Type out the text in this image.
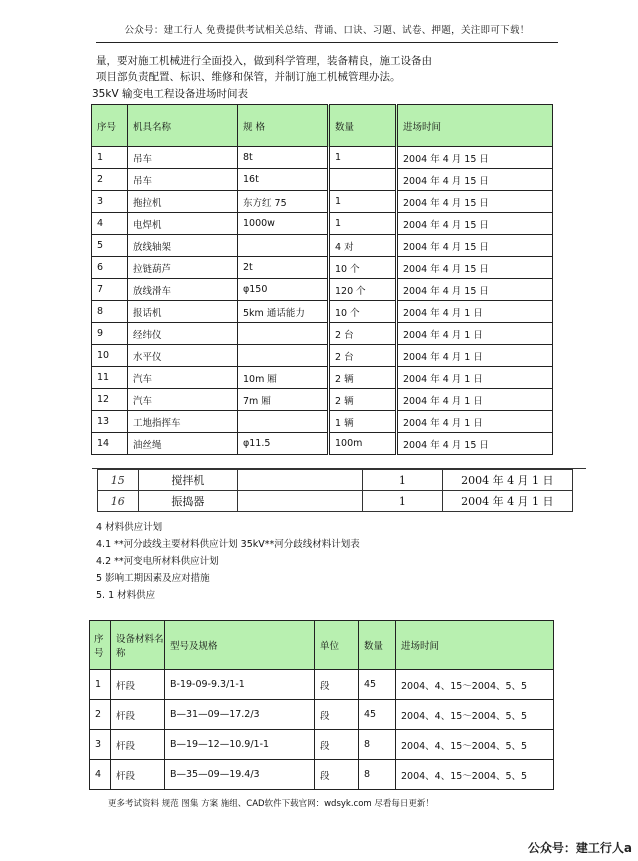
公众号：建工行人 免费提供考试相关总结、背诵、口诀、习题、试卷、押题，关注即可下载！
量，要对施工机械进行全面投入，做到科学管理，装备精良，施工设备由
项目部负责配置、标识、维修和保管，并制订施工机械管理办法。
35kV 输变电工程设备进场时间表
序号	机具名称	规 格	数量	进场时间
1	吊车	8t	1	2004 年 4 月 15 日
2	吊车	16t		2004 年 4 月 15 日
3	拖拉机	东方红 75	1	2004 年 4 月 15 日
4	电焊机	1000w	1	2004 年 4 月 15 日
5	放线轴架		4 对	2004 年 4 月 15 日
6	拉链葫芦	2t	10 个	2004 年 4 月 15 日
7	放线滑车	φ150	120 个	2004 年 4 月 15 日
8	报话机	5km 通话能力	10 个	2004 年 4 月 1 日
9	经纬仪		2 台	2004 年 4 月 1 日
10	水平仪		2 台	2004 年 4 月 1 日
11	汽车	10m 厢	2 辆	2004 年 4 月 1 日
12	汽车	7m 厢	2 辆	2004 年 4 月 1 日
13	工地指挥车		1 辆	2004 年 4 月 1 日
14	油丝绳	φ11.5	100m	2004 年 4 月 15 日
15	搅拌机		1	2004 年 4 月 1 日
16	振捣器		1	2004 年 4 月 1 日
4 材料供应计划
4.1 **河分歧线主要材料供应计划 35kV**河分歧线材料计划表
4.2 **河变电所材料供应计划
5 影响工期因素及应对措施
5. 1 材料供应
序号	设备材料名称	型号及规格	单位	数量	进场时间
1	杆段	B-19-09-9.3/1-1	段	45	2004、4、15～2004、5、5
2	杆段	B—31—09—17.2/3	段	45	2004、4、15～2004、5、5
3	杆段	B—19—12—10.9/1-1	段	8	2004、4、15～2004、5、5
4	杆段	B—35—09—19.4/3	段	8	2004、4、15～2004、5、5
更多考试资料 规范 图集 方案 施组、CAD软件下载官网：wdsyk.com 尽看每日更新！
公众号：建工行人a
